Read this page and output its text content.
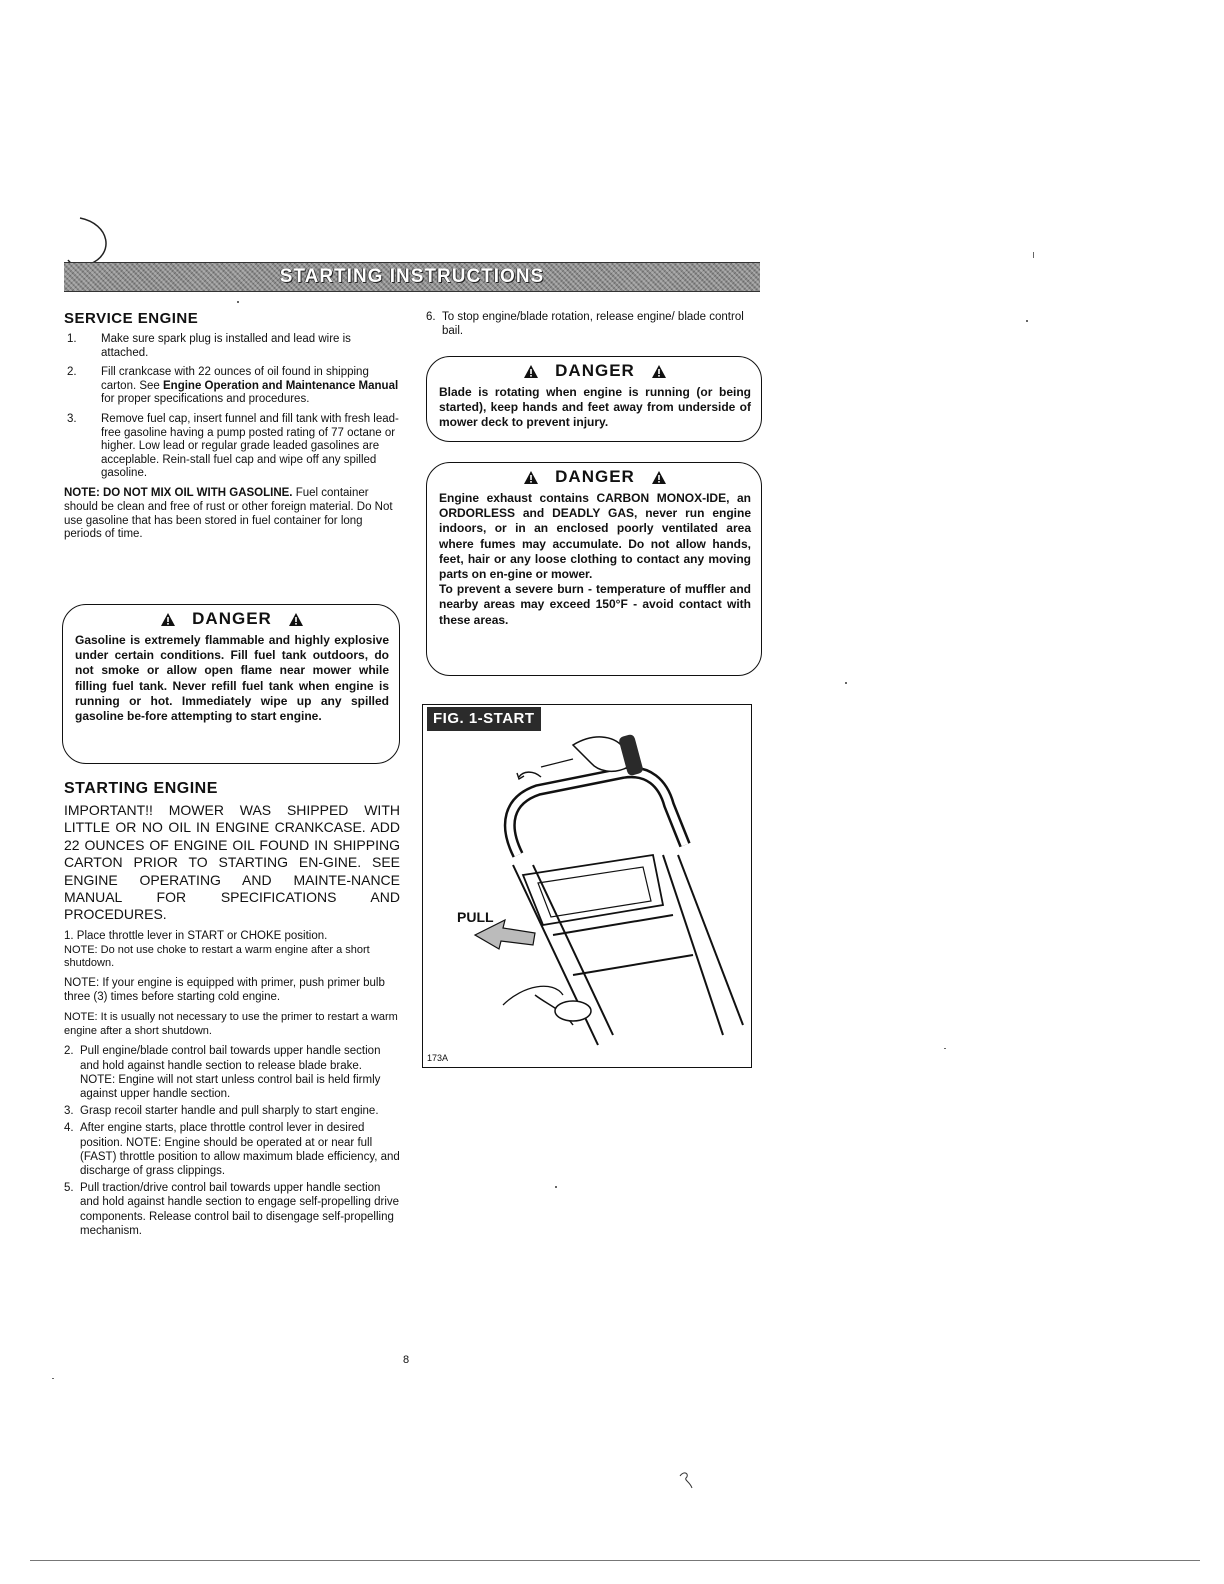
STARTING INSTRUCTIONS
SERVICE ENGINE
1. Make sure spark plug is installed and lead wire is attached.
2. Fill crankcase with 22 ounces of oil found in shipping carton. See Engine Operation and Maintenance Manual for proper specifications and procedures.
3. Remove fuel cap, insert funnel and fill tank with fresh lead-free gasoline having a pump posted rating of 77 octane or higher. Low lead or regular grade leaded gasolines are acceplable. Rein-stall fuel cap and wipe off any spilled gasoline.

NOTE: DO NOT MIX OIL WITH GASOLINE. Fuel container should be clean and free of rust or other foreign material. Do Not use gasoline that has been stored in fuel container for long periods of time.

DANGER

Gasoline is extremely flammable and highly explosive under certain conditions. Fill fuel tank outdoors, do not smoke or allow open flame near mower while filling fuel tank. Never refill fuel tank when engine is running or hot. Immediately wipe up any spilled gasoline be-fore attempting to start engine.

STARTING ENGINE

IMPORTANT!! MOWER WAS SHIPPED WITH LITTLE OR NO OIL IN ENGINE CRANKCASE. ADD 22 OUNCES OF ENGINE OIL FOUND IN SHIPPING CARTON PRIOR TO STARTING EN-GINE. SEE ENGINE OPERATING AND MAINTE-NANCE MANUAL FOR SPECIFICATIONS AND PROCEDURES.

1. Place throttle lever in START or CHOKE position.

NOTE: Do not use choke to restart a warm engine after a short shutdown.

NOTE: If your engine is equipped with primer, push primer bulb three (3) times before starting cold engine.

NOTE: It is usually not necessary to use the primer to restart a warm engine after a short shutdown.

2. Pull engine/blade control bail towards upper handle section and hold against handle section to release blade brake. NOTE: Engine will not start unless control bail is held firmly against upper handle section.
3. Grasp recoil starter handle and pull sharply to start engine.
4. After engine starts, place throttle control lever in desired position. NOTE: Engine should be operated at or near full (FAST) throttle position to allow maximum blade efficiency, and discharge of grass clippings.
5. Pull traction/drive control bail towards upper handle section and hold against handle section to engage self-propelling drive components. Release control bail to disengage self-propelling mechanism.
6. To stop engine/blade rotation, release engine/ blade control bail.
DANGER

Blade is rotating when engine is running (or being started), keep hands and feet away from underside of mower deck to prevent injury.

DANGER

Engine exhaust contains CARBON MONOX-IDE, an ORDORLESS and DEADLY GAS, never run engine indoors, or in an enclosed poorly ventilated area where fumes may accumulate. Do not allow hands, feet, hair or any loose clothing to contact any moving parts on en-gine or mower.

To prevent a severe burn - temperature of muffler and nearby areas may exceed 150°F - avoid contact with these areas.

FIG. 1-START
PULL
173A
8
